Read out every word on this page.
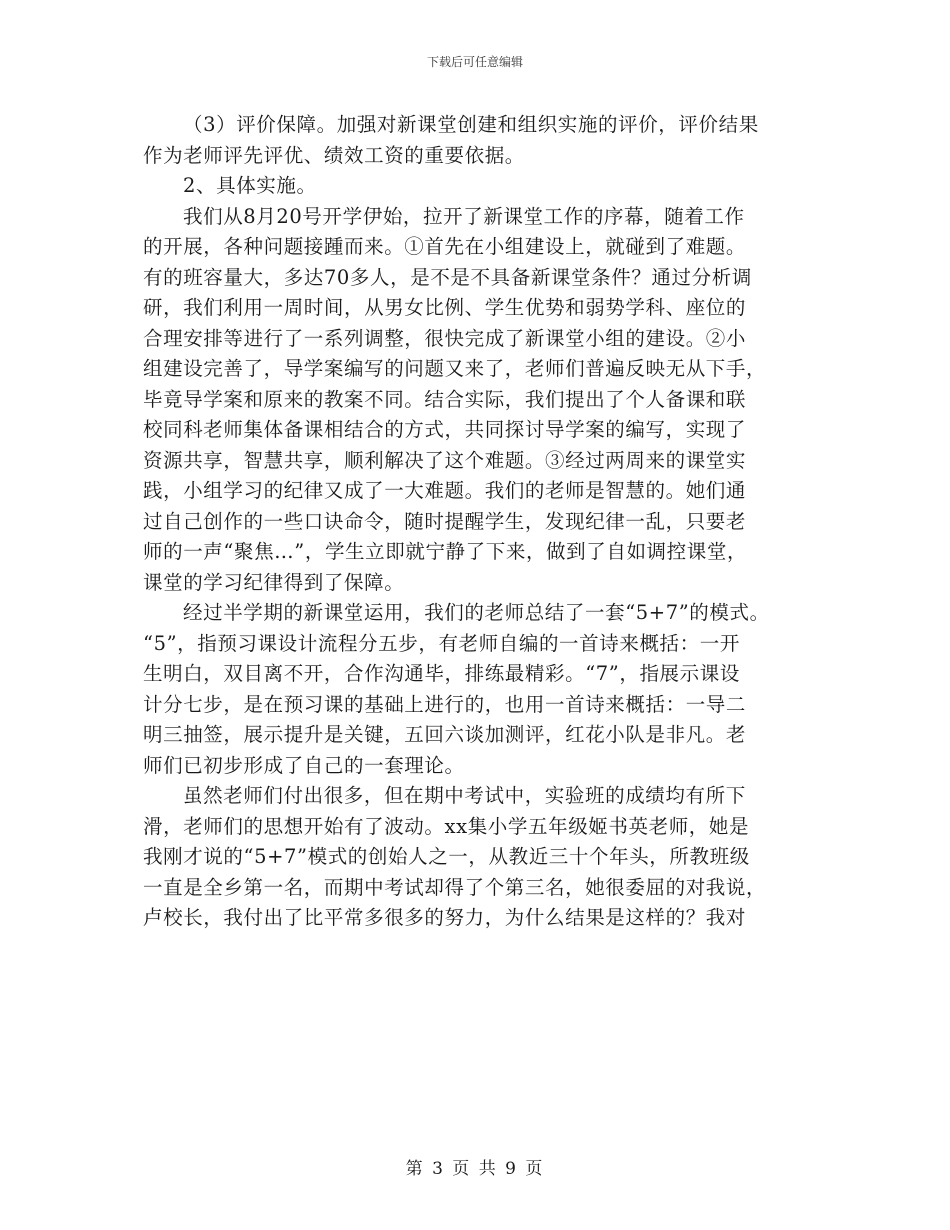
下载后可任意编辑
（3）评价保障。加强对新课堂创建和组织实施的评价，评价结果
作为老师评先评优、绩效工资的重要依据。
2、具体实施。
我们从8月20号开学伊始，拉开了新课堂工作的序幕，随着工作
的开展，各种问题接踵而来。①首先在小组建设上，就碰到了难题。
有的班容量大，多达70多人，是不是不具备新课堂条件？通过分析调
研，我们利用一周时间，从男女比例、学生优势和弱势学科、座位的
合理安排等进行了一系列调整，很快完成了新课堂小组的建设。②小
组建设完善了，导学案编写的问题又来了，老师们普遍反映无从下手，
毕竟导学案和原来的教案不同。结合实际，我们提出了个人备课和联
校同科老师集体备课相结合的方式，共同探讨导学案的编写，实现了
资源共享，智慧共享，顺利解决了这个难题。③经过两周来的课堂实
践，小组学习的纪律又成了一大难题。我们的老师是智慧的。她们通
过自己创作的一些口诀命令，随时提醒学生，发现纪律一乱，只要老
师的一声“聚焦…”，学生立即就宁静了下来，做到了自如调控课堂，
课堂的学习纪律得到了保障。
经过半学期的新课堂运用，我们的老师总结了一套“5+7”的模式。
“5”，指预习课设计流程分五步，有老师自编的一首诗来概括：一开
生明白，双目离不开，合作沟通毕，排练最精彩。“7”，指展示课设
计分七步，是在预习课的基础上进行的，也用一首诗来概括：一导二
明三抽签，展示提升是关键，五回六谈加测评，红花小队是非凡。老
师们已初步形成了自己的一套理论。
虽然老师们付出很多，但在期中考试中，实验班的成绩均有所下
滑，老师们的思想开始有了波动。xx集小学五年级姬书英老师，她是
我刚才说的“5+7”模式的创始人之一，从教近三十个年头，所教班级
一直是全乡第一名，而期中考试却得了个第三名，她很委屈的对我说，
卢校长，我付出了比平常多很多的努力，为什么结果是这样的？我对
第 3 页 共 9 页
